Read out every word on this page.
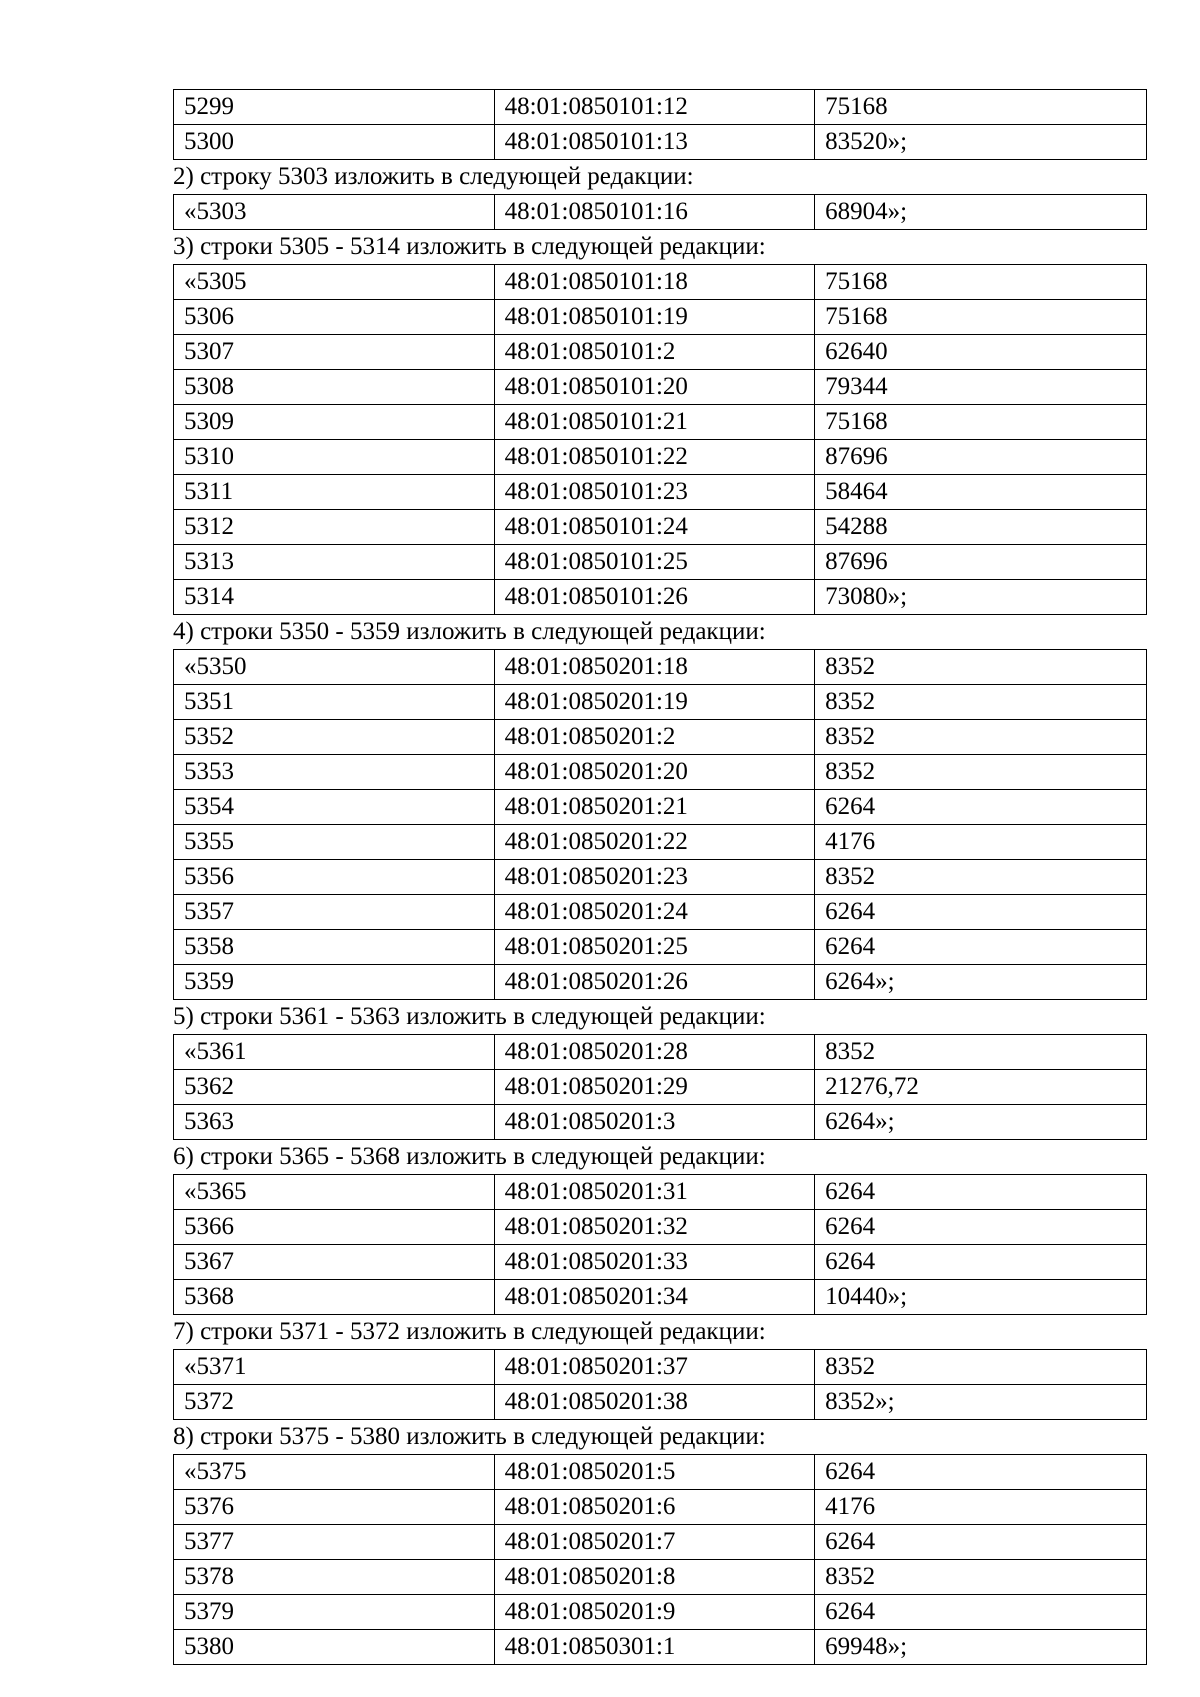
5299	48:01:0850101:12	75168
5300	48:01:0850101:13	83520»;

2) строку 5303 изложить в следующей редакции:

«5303	48:01:0850101:16	68904»;

3) строки 5305 - 5314 изложить в следующей редакции:

«5305	48:01:0850101:18	75168
5306	48:01:0850101:19	75168
5307	48:01:0850101:2	62640
5308	48:01:0850101:20	79344
5309	48:01:0850101:21	75168
5310	48:01:0850101:22	87696
5311	48:01:0850101:23	58464
5312	48:01:0850101:24	54288
5313	48:01:0850101:25	87696
5314	48:01:0850101:26	73080»;

4) строки 5350 - 5359 изложить в следующей редакции:

«5350	48:01:0850201:18	8352
5351	48:01:0850201:19	8352
5352	48:01:0850201:2	8352
5353	48:01:0850201:20	8352
5354	48:01:0850201:21	6264
5355	48:01:0850201:22	4176
5356	48:01:0850201:23	8352
5357	48:01:0850201:24	6264
5358	48:01:0850201:25	6264
5359	48:01:0850201:26	6264»;

5) строки 5361 - 5363 изложить в следующей редакции:

«5361	48:01:0850201:28	8352
5362	48:01:0850201:29	21276,72
5363	48:01:0850201:3	6264»;

6) строки 5365 - 5368 изложить в следующей редакции:

«5365	48:01:0850201:31	6264
5366	48:01:0850201:32	6264
5367	48:01:0850201:33	6264
5368	48:01:0850201:34	10440»;

7) строки 5371 - 5372 изложить в следующей редакции:

«5371	48:01:0850201:37	8352
5372	48:01:0850201:38	8352»;

8) строки 5375 - 5380 изложить в следующей редакции:

«5375	48:01:0850201:5	6264
5376	48:01:0850201:6	4176
5377	48:01:0850201:7	6264
5378	48:01:0850201:8	8352
5379	48:01:0850201:9	6264
5380	48:01:0850301:1	69948»;
